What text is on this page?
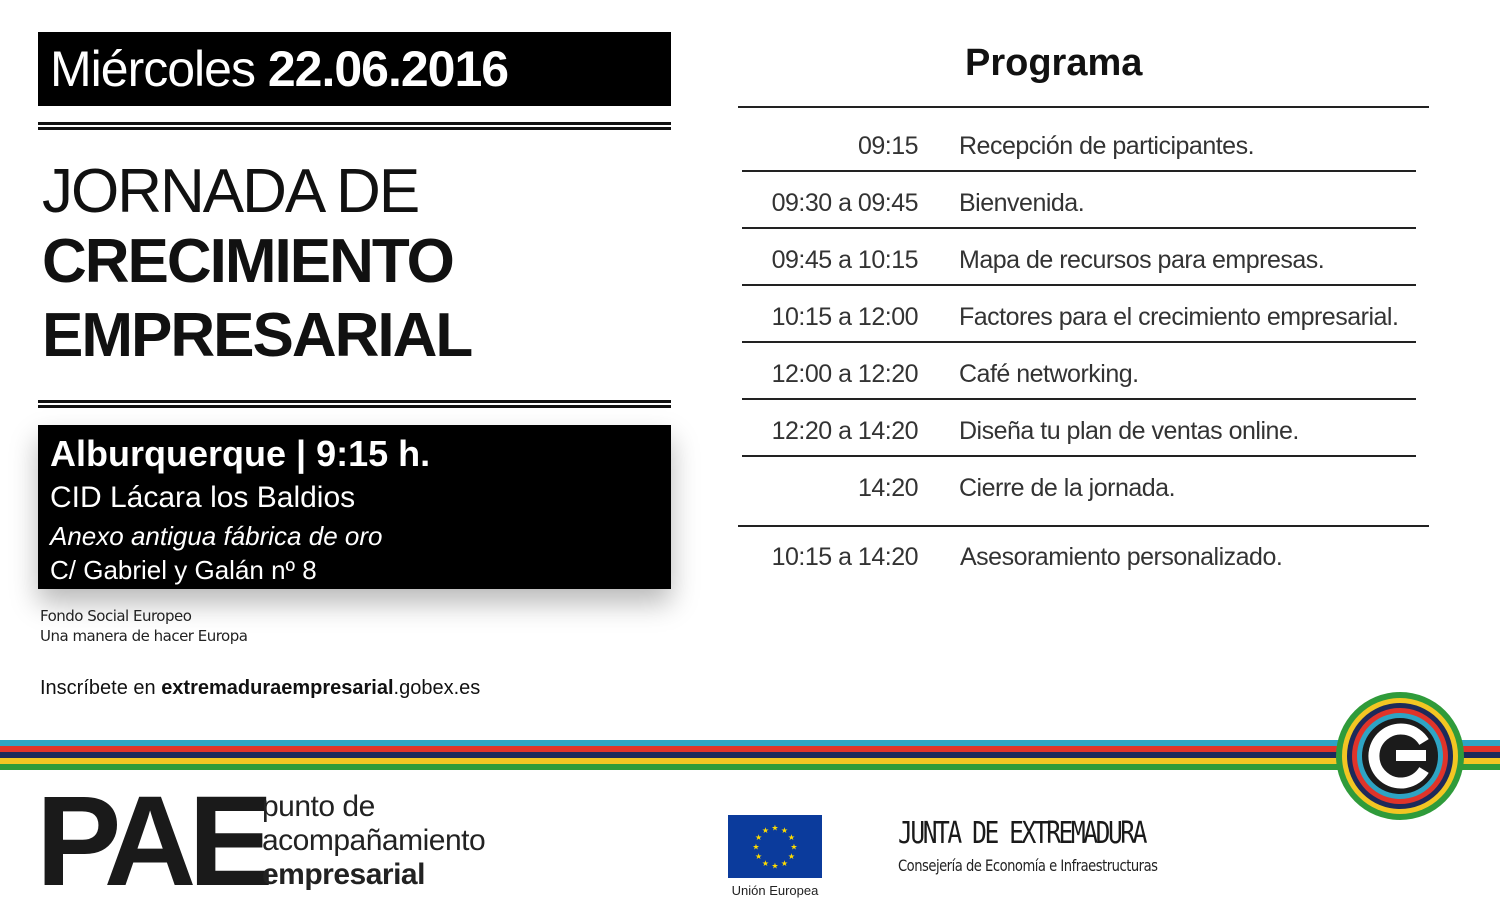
Miércoles 22.06.2016
JORNADA DE
CRECIMIENTO
EMPRESARIAL
Alburquerque | 9:15 h.
CID Lácara los Baldios
Anexo antigua fábrica de oro
C/ Gabriel y Galán nº 8
Fondo Social Europeo
Una manera de hacer Europa
Inscríbete en extremaduraempresarial.gobex.es
Programa
09:15 Recepción de participantes.
09:30 a 09:45 Bienvenida.
09:45 a 10:15 Mapa de recursos para empresas.
10:15 a 12:00 Factores para el crecimiento empresarial.
12:00 a 12:20 Café networking.
12:20 a 14:20 Diseña tu plan de ventas online.
14:20 Cierre de la jornada.
10:15 a 14:20 Asesoramiento personalizado.
PAE
punto de
acompañamiento
empresarial
★ ★
★
★
★
★
★
★
★
★
★
★
Unión Europea
JUNTA DE EXTREMADURA
Consejería de Economía e Infraestructuras
